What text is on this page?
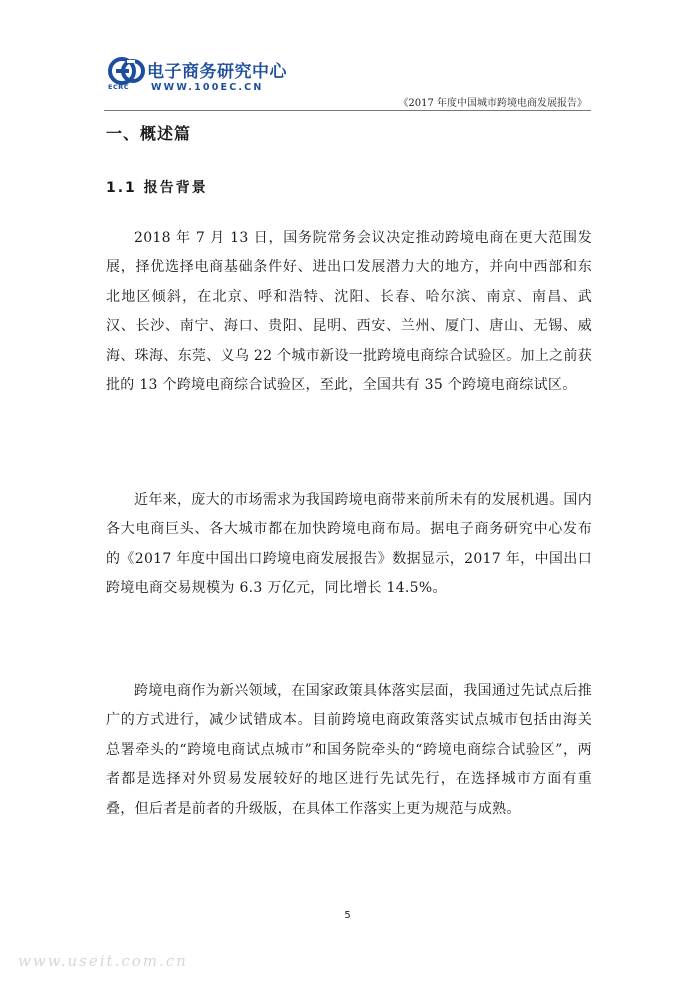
ECRC
电子商务研究中心
WWW.100EC.CN
《2017 年度中国城市跨境电商发展报告》
一、概述篇
1.1 报告背景

2018 年 7 月 13 日，国务院常务会议决定推动跨境电商在更大范围发展，择优选择电商基础条件好、进出口发展潜力大的地方，并向中西部和东北地区倾斜，在北京、呼和浩特、沈阳、长春、哈尔滨、南京、南昌、武汉、长沙、南宁、海口、贵阳、昆明、西安、兰州、厦门、唐山、无锡、威海、珠海、东莞、义乌 22 个城市新设一批跨境电商综合试验区。加上之前获批的 13 个跨境电商综合试验区，至此，全国共有 35 个跨境电商综试区。

近年来，庞大的市场需求为我国跨境电商带来前所未有的发展机遇。国内各大电商巨头、各大城市都在加快跨境电商布局。据电子商务研究中心发布的《2017 年度中国出口跨境电商发展报告》数据显示，2017 年，中国出口跨境电商交易规模为 6.3 万亿元，同比增长 14.5%。

跨境电商作为新兴领域，在国家政策具体落实层面，我国通过先试点后推广的方式进行，减少试错成本。目前跨境电商政策落实试点城市包括由海关总署牵头的“跨境电商试点城市”和国务院牵头的“跨境电商综合试验区”，两者都是选择对外贸易发展较好的地区进行先试先行，在选择城市方面有重叠，但后者是前者的升级版，在具体工作落实上更为规范与成熟。

5
www.useit.com.cn
